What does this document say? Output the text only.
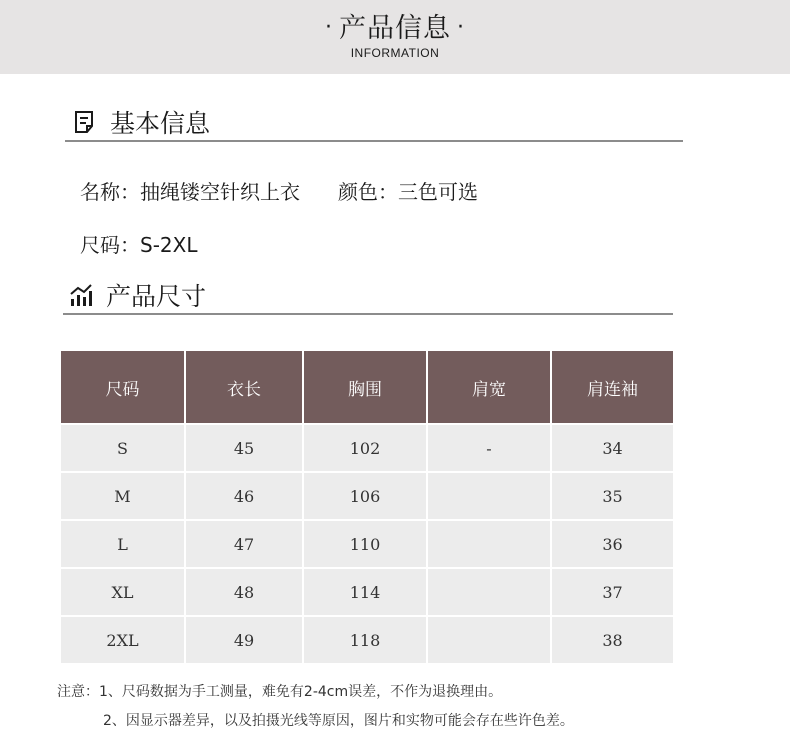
· 产品信息 ·
INFORMATION
基本信息
名称：抽绳镂空针织上衣 颜色：三色可选
尺码：S-2XL
产品尺寸
尺码	衣长	胸围	肩宽	肩连袖
S	45	102	-	34
M	46	106		35
L	47	110		36
XL	48	114		37
2XL	49	118		38
注意：1、尺码数据为手工测量，难免有2-4cm误差，不作为退换理由。
2、因显示器差异，以及拍摄光线等原因，图片和实物可能会存在些许色差。
